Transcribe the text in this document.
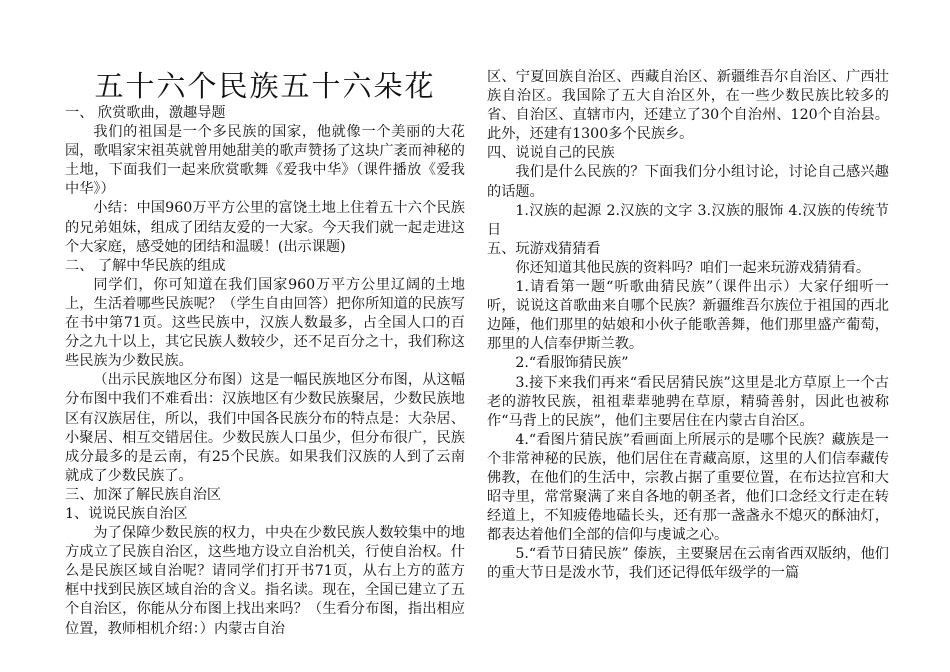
五十六个民族五十六朵花

一、 欣赏歌曲，激趣导题

我们的祖国是一个多民族的国家，他就像一个美丽的大花园，歌唱家宋祖英就曾用她甜美的歌声赞扬了这块广袤而神秘的土地，下面我们一起来欣赏歌舞《爱我中华》（课件播放《爱我中华》）

小结：中国960万平方公里的富饶土地上住着五十六个民族的兄弟姐妹，组成了团结友爱的一大家。今天我们就一起走进这个大家庭，感受她的团结和温暖！(出示课题)

二、 了解中华民族的组成

同学们，你可知道在我们国家960万平方公里辽阔的土地上，生活着哪些民族呢？（学生自由回答）把你所知道的民族写在书中第71页。这些民族中，汉族人数最多，占全国人口的百分之九十以上，其它民族人数较少，还不足百分之十，我们称这些民族为少数民族。

（出示民族地区分布图）这是一幅民族地区分布图，从这幅分布图中我们不难看出：汉族地区有少数民族聚居，少数民族地区有汉族居住，所以，我们中国各民族分布的特点是：大杂居、小聚居、相互交错居住。少数民族人口虽少，但分布很广，民族成分最多的是云南，有25个民族。如果我们汉族的人到了云南就成了少数民族了。

三、加深了解民族自治区

1、说说民族自治区

为了保障少数民族的权力，中央在少数民族人数较集中的地方成立了民族自治区，这些地方设立自治机关，行使自治权。什么是民族区域自治呢？请同学们打开书71页，从右上方的蓝方框中找到民族区域自治的含义。指名读。现在，全国已建立了五个自治区，你能从分布图上找出来吗？（生看分布图，指出相应位置，教师相机介绍：）内蒙古自治

区、宁夏回族自治区、西藏自治区、新疆维吾尔自治区、广西壮族自治区。我国除了五大自治区外，在一些少数民族比较多的省、自治区、直辖市内，还建立了30个自治州、120个自治县。此外，还建有1300多个民族乡。

四、说说自己的民族

我们是什么民族的？下面我们分小组讨论，讨论自己感兴趣的话题。

1.汉族的起源 2.汉族的文字 3.汉族的服饰 4.汉族的传统节日

五、玩游戏猜猜看

你还知道其他民族的资料吗？咱们一起来玩游戏猜猜看。

1.请看第一题“听歌曲猜民族”（课件出示）大家仔细听一听，说说这首歌曲来自哪个民族？新疆维吾尔族位于祖国的西北边陲，他们那里的姑娘和小伙子能歌善舞，他们那里盛产葡萄，那里的人信奉伊斯兰教。

2.“看服饰猜民族”

3.接下来我们再来“看民居猜民族”这里是北方草原上一个古老的游牧民族，祖祖辈辈驰骋在草原，精骑善射，因此也被称作“马背上的民族”，他们主要居住在内蒙古自治区。

4.“看图片猜民族”看画面上所展示的是哪个民族？藏族是一个非常神秘的民族，他们居住在青藏高原，这里的人们信奉藏传佛教，在他们的生活中，宗教占据了重要位置，在布达拉宫和大昭寺里，常常聚满了来自各地的朝圣者，他们口念经文行走在转经道上，不知疲倦地磕长头，还有那一盏盏永不熄灭的酥油灯，都表达着他们全部的信仰与虔诚之心。

5.“看节日猜民族” 傣族，主要聚居在云南省西双版纳，他们的重大节日是泼水节，我们还记得低年级学的一篇
